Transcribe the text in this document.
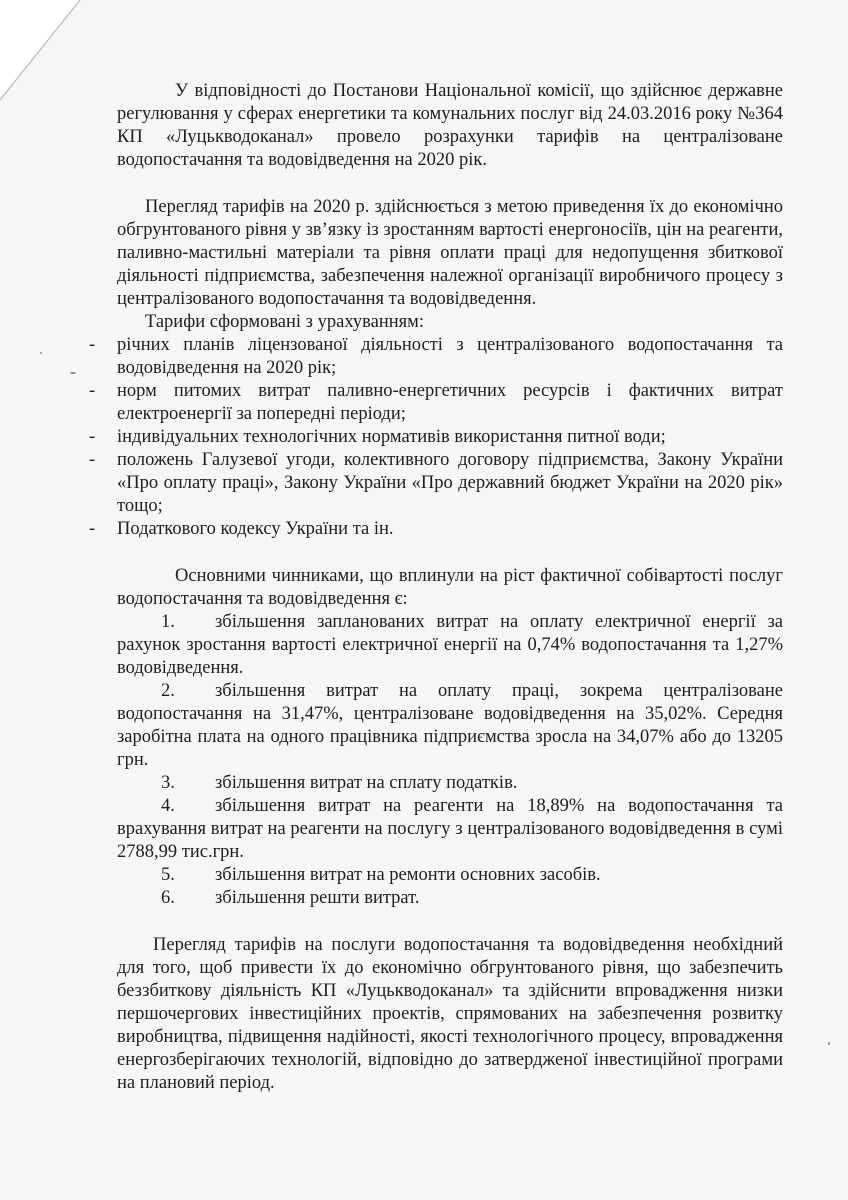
У відповідності до Постанови Національної комісії, що здійснює державне регулювання у сферах енергетики та комунальних послуг від 24.03.2016 року №364 КП «Луцькводоканал» провело розрахунки тарифів на централізоване водопостачання та водовідведення на 2020 рік.

Перегляд тарифів на 2020 р. здійснюється з метою приведення їх до економічно обгрунтованого рівня у зв’язку із зростанням вартості енергоносіїв, цін на реагенти, паливно-мастильні матеріали та рівня оплати праці для недопущення збиткової діяльності підприємства, забезпечення належної організації виробничого процесу з централізованого водопостачання та водовідведення.

Тарифи сформовані з урахуванням:

- річних планів ліцензованої діяльності з централізованого водопостачання та водовідведення на 2020 рік;
- норм питомих витрат паливно-енергетичних ресурсів і фактичних витрат електроенергії за попередні періоди;
- індивідуальних технологічних нормативів використання питної води;
- положень Галузевої угоди, колективного договору підприємства, Закону України «Про оплату праці», Закону України «Про державний бюджет України на 2020 рік» тощо;
- Податкового кодексу України та ін.

Основними чинниками, що вплинули на ріст фактичної собівартості послуг водопостачання та водовідведення є:

1. збільшення запланованих витрат на оплату електричної енергії за рахунок зростання вартості електричної енергії на 0,74% водопостачання та 1,27% водовідведення.
2. збільшення витрат на оплату праці, зокрема централізоване водопостачання на 31,47%, централізоване водовідведення на 35,02%. Середня заробітна плата на одного працівника підприємства зросла на 34,07% або до 13205 грн.
3. збільшення витрат на сплату податків.
4. збільшення витрат на реагенти на 18,89% на водопостачання та врахування витрат на реагенти на послугу з централізованого водовідведення в сумі 2788,99 тис.грн.
5. збільшення витрат на ремонти основних засобів.
6. збільшення решти витрат.

Перегляд тарифів на послуги водопостачання та водовідведення необхідний для того, щоб привести їх до економічно обгрунтованого рівня, що забезпечить беззбиткову діяльність КП «Луцькводоканал» та здійснити впровадження низки першочергових інвестиційних проектів, спрямованих на забезпечення розвитку виробництва, підвищення надійності, якості технологічного процесу, впровадження енергозберігаючих технологій, відповідно до затвердженої інвестиційної програми на плановий період.
